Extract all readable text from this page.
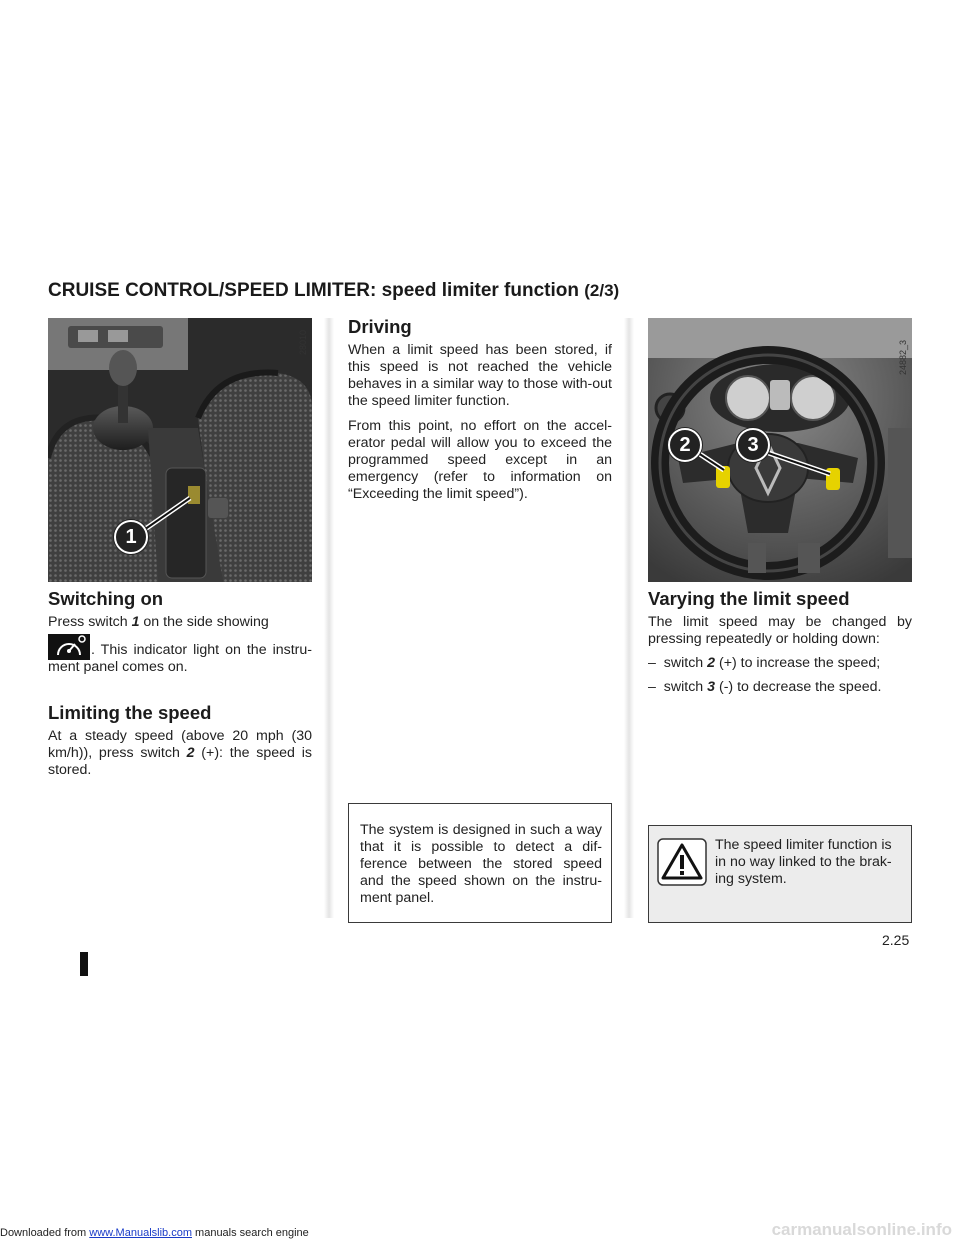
CRUISE CONTROL/SPEED LIMITER: speed limiter function (2/3)
1
28010
Switching on

Press switch 1 on the side showing

. This indicator light on the instru-ment panel comes on.

Limiting the speed

At a steady speed (above 20 mph (30 km/h)), press switch 2 (+): the speed is stored.

Driving

When a limit speed has been stored, if this speed is not reached the vehicle behaves in a similar way to those with-out the speed limiter function.

From this point, no effort on the accel-erator pedal will allow you to exceed the programmed speed except in an emergency (refer to information on “Exceeding the limit speed”).

The system is designed in such a way that it is possible to detect a dif-ference between the stored speed and the speed shown on the instru-ment panel.

2	3
24882_3
Varying the limit speed

The limit speed may be changed by pressing repeatedly or holding down:

– switch 2 (+) to increase the speed;

– switch 3 (-) to decrease the speed.

The speed limiter function is in no way linked to the brak-ing system.

2.25
Downloaded from www.Manualslib.com manuals search engine	carmanualsonline.info
